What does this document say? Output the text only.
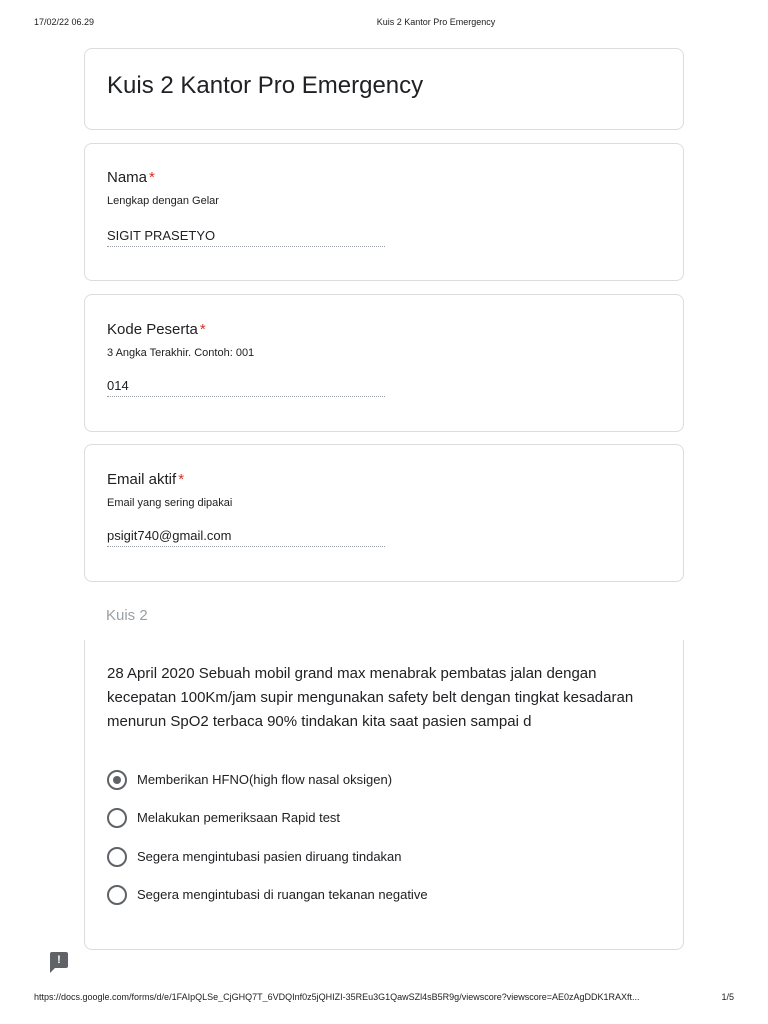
17/02/22 06.29	Kuis 2 Kantor Pro Emergency
Kuis 2 Kantor Pro Emergency
Nama *
Lengkap dengan Gelar
SIGIT PRASETYO
Kode Peserta *
3 Angka Terakhir. Contoh: 001
014
Email aktif *
Email yang sering dipakai
psigit740@gmail.com
Kuis 2
28 April 2020 Sebuah mobil grand max menabrak pembatas jalan dengan kecepatan 100Km/jam supir mengunakan safety belt dengan tingkat kesadaran menurun SpO2 terbaca 90% tindakan kita saat pasien sampai d
Memberikan HFNO(high flow nasal oksigen)
Melakukan pemeriksaan Rapid test
Segera mengintubasi pasien diruang tindakan
Segera mengintubasi di ruangan tekanan negative
!
https://docs.google.com/forms/d/e/1FAIpQLSe_CjGHQ7T_6VDQInf0z5jQHIZI-35REu3G1QawSZl4sB5R9g/viewscore?viewscore=AE0zAgDDK1RAXft...	1/5
